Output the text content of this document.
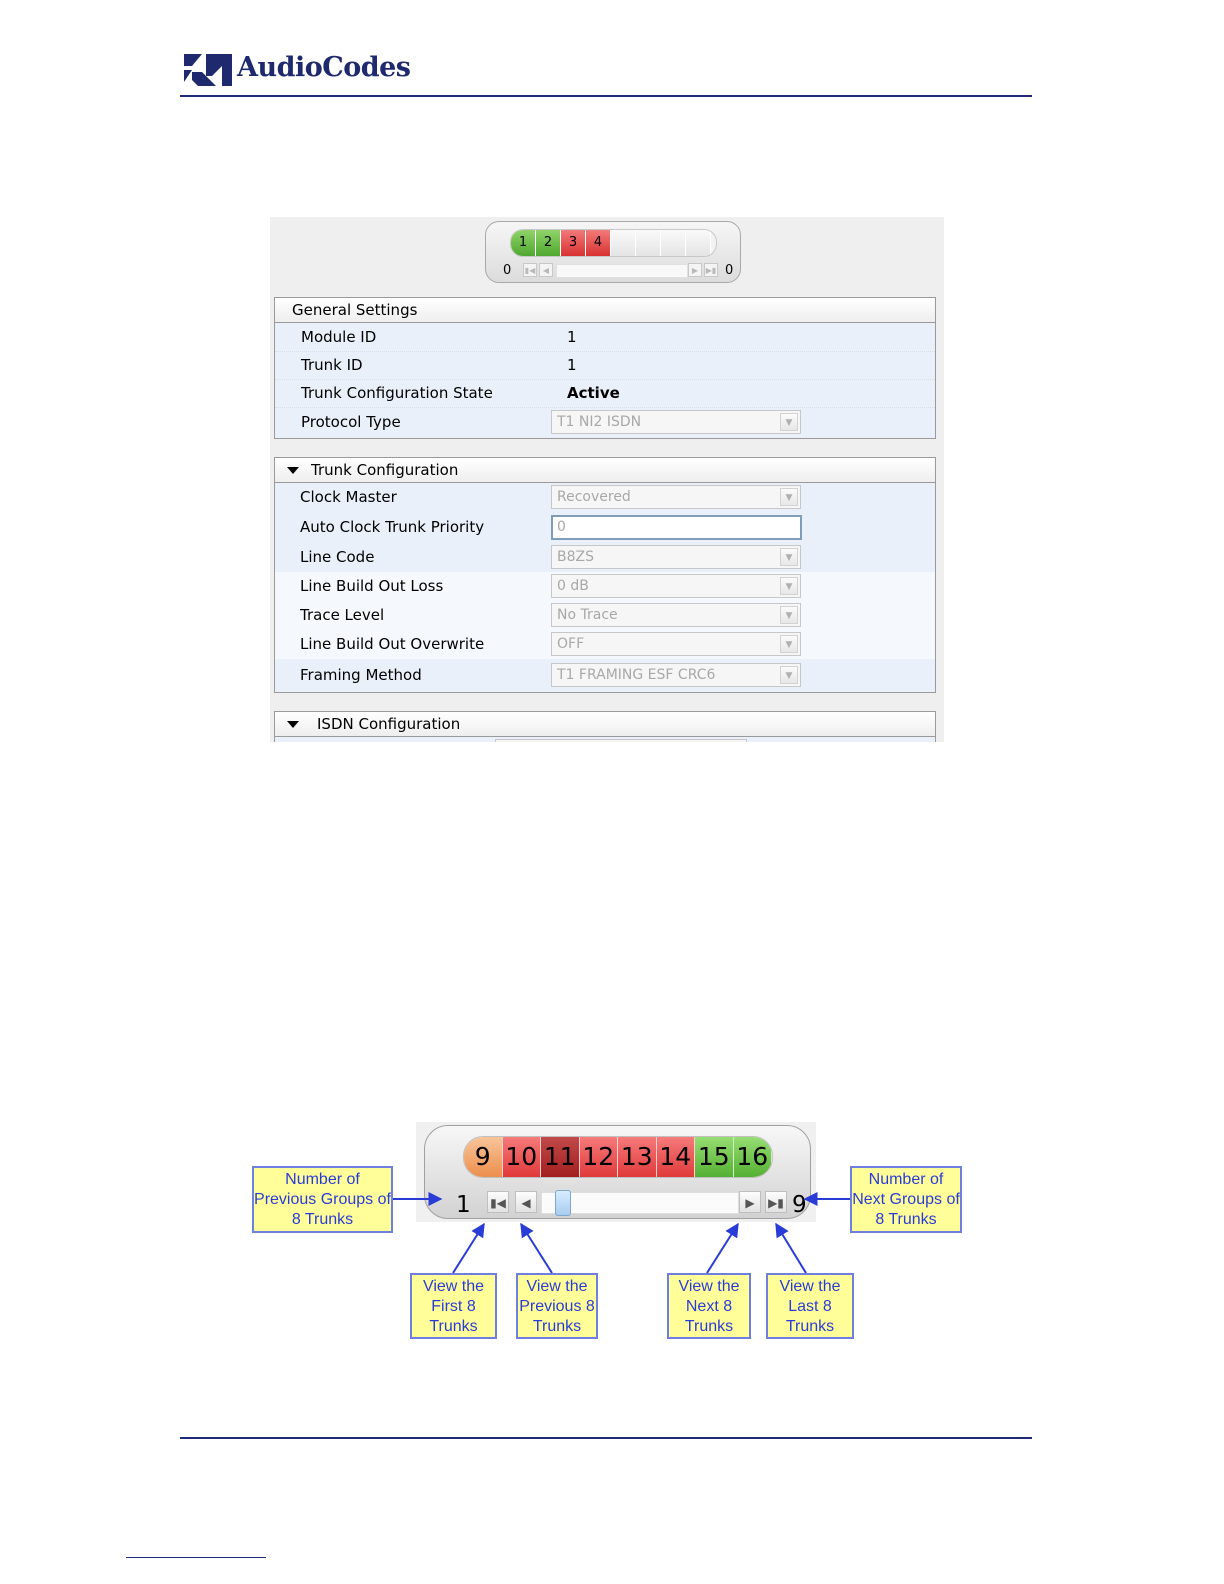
AudioCodes
1	2	3	4
0 ▮◀ ◀	▶ ▶▮ 0
General Settings
Module ID	1
Trunk ID	1
Trunk Configuration State	Active
Protocol Type	T1 NI2 ISDN	▼
Trunk Configuration
Clock Master	Recovered	▼
Auto Clock Trunk Priority	0
Line Code	B8ZS	▼
Line Build Out Loss	0 dB	▼
Trace Level	No Trace	▼
Line Build Out Overwrite	OFF	▼
Framing Method	T1 FRAMING ESF CRC6	▼
ISDN Configuration
9 10 11 12 13 14 15 16
1 ▮◀	◀	▶	▶▮ 9
Number of Previous Groups of 8 Trunks
Number of Next Groups of 8 Trunks
View the First 8 Trunks
View the Previous 8 Trunks
View the Next 8 Trunks
View the Last 8 Trunks
